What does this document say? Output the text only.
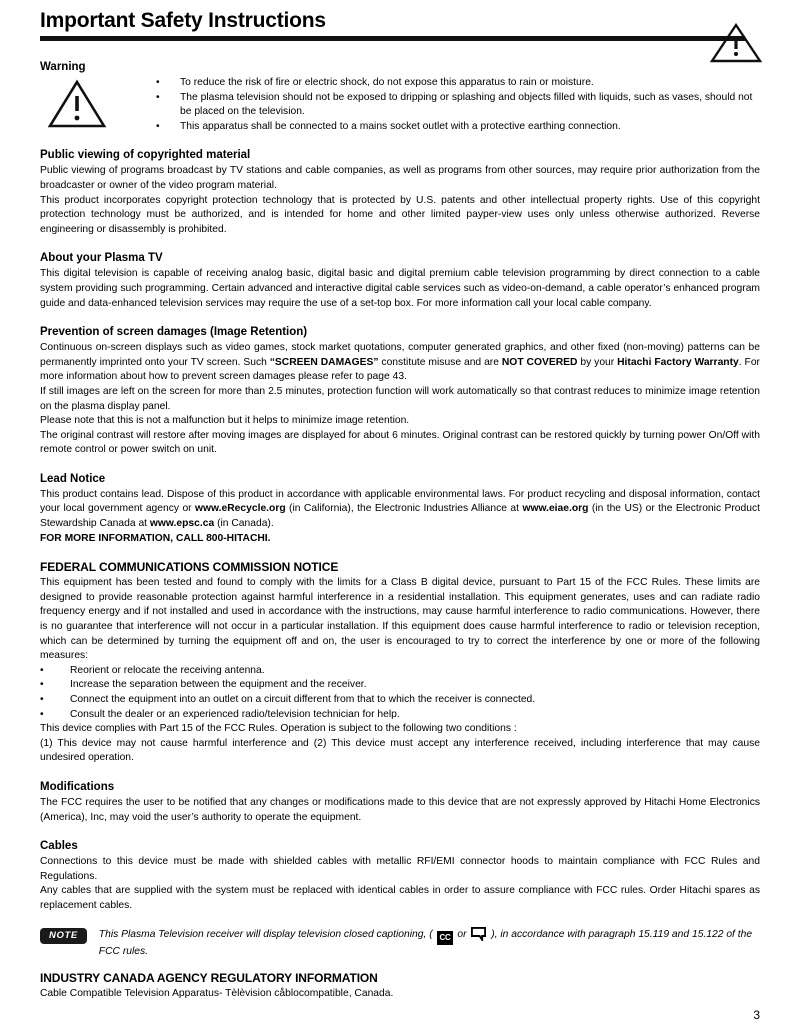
Important Safety Instructions
Warning
• To reduce the risk of fire or electric shock, do not expose this apparatus to rain or moisture.
• The plasma television should not be exposed to dripping or splashing and objects filled with liquids, such as vases, should not be placed on the television.
• This apparatus shall be connected to a mains socket outlet with a protective earthing connection.
Public viewing of copyrighted material

Public viewing of programs broadcast by TV stations and cable companies, as well as programs from other sources, may require prior authorization from the broadcaster or owner of the video program material.

This product incorporates copyright protection technology that is protected by U.S. patents and other intellectual property rights. Use of this copyright protection technology must be authorized, and is intended for home and other limited payper-view uses only unless otherwise authorized. Reverse engineering or disassembly is prohibited.

About your Plasma TV

This digital television is capable of receiving analog basic, digital basic and digital premium cable television programming by direct connection to a cable system providing such programming. Certain advanced and interactive digital cable services such as video-on-demand, a cable operator’s enhanced program guide and data-enhanced television services may require the use of a set-top box. For more information call your local cable company.

Prevention of screen damages (Image Retention)

Continuous on-screen displays such as video games, stock market quotations, computer generated graphics, and other fixed (non-moving) patterns can be permanently imprinted onto your TV screen. Such “SCREEN DAMAGES” constitute misuse and are NOT COVERED by your Hitachi Factory Warranty. For more information about how to prevent screen damages please refer to page 43.

If still images are left on the screen for more than 2.5 minutes, protection function will work automatically so that contrast reduces to minimize image retention on the plasma display panel.

Please note that this is not a malfunction but it helps to minimize image retention.

The original contrast will restore after moving images are displayed for about 6 minutes. Original contrast can be restored quickly by turning power On/Off with remote control or power switch on unit.

Lead Notice

This product contains lead. Dispose of this product in accordance with applicable environmental laws. For product recycling and disposal information, contact your local government agency or www.eRecycle.org (in California), the Electronic Industries Alliance at www.eiae.org (in the US) or the Electronic Product Stewardship Canada at www.epsc.ca (in Canada).

FOR MORE INFORMATION, CALL 800-HITACHI.

FEDERAL COMMUNICATIONS COMMISSION NOTICE

This equipment has been tested and found to comply with the limits for a Class B digital device, pursuant to Part 15 of the FCC Rules. These limits are designed to provide reasonable protection against harmful interference in a residential installation. This equipment generates, uses and can radiate radio frequency energy and if not installed and used in accordance with the instructions, may cause harmful interference to radio communications. However, there is no guarantee that interference will not occur in a particular installation. If this equipment does cause harmful interference to radio or television reception, which can be determined by turning the equipment off and on, the user is encouraged to try to correct the interference by one or more of the following measures:

•	Reorient or relocate the receiving antenna.
•	Increase the separation between the equipment and the receiver.
•	Connect the equipment into an outlet on a circuit different from that to which the receiver is connected.
•	Consult the dealer or an experienced radio/television technician for help.

This device complies with Part 15 of the FCC Rules. Operation is subject to the following two conditions :

(1) This device may not cause harmful interference and (2) This device must accept any interference received, including interference that may cause undesired operation.

Modifications

The FCC requires the user to be notified that any changes or modifications made to this device that are not expressly approved by Hitachi Home Electronics (America), Inc, may void the user’s authority to operate the equipment.

Cables

Connections to this device must be made with shielded cables with metallic RFI/EMI connector hoods to maintain compliance with FCC Rules and Regulations.

Any cables that are supplied with the system must be replaced with identical cables in order to assure compliance with FCC rules. Order Hitachi spares as replacement cables.

NOTE	This Plasma Television receiver will display television closed captioning, ( CC or  ), in accordance with paragraph 15.119 and 15.122 of the FCC rules.
INDUSTRY CANADA AGENCY REGULATORY INFORMATION

Cable Compatible Television Apparatus- Tèlèvision cåblocompatible, Canada.

3
